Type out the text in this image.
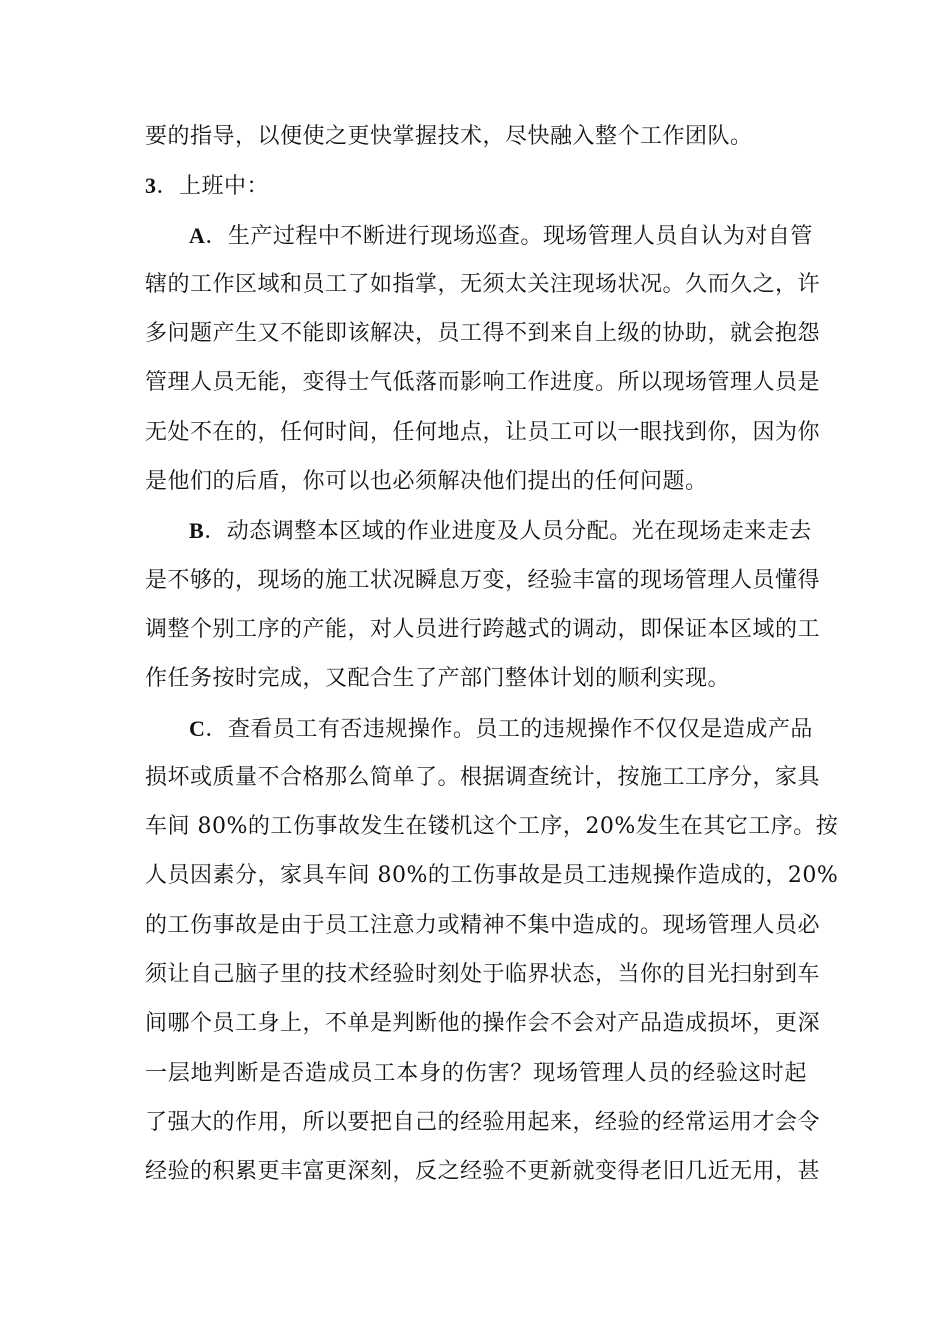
要的指导，以便使之更快掌握技术，尽快融入整个工作团队。
3．上班中：
A．生产过程中不断进行现场巡查。现场管理人员自认为对自管
辖的工作区域和员工了如指掌，无须太关注现场状况。久而久之，许
多问题产生又不能即该解决，员工得不到来自上级的协助，就会抱怨
管理人员无能，变得士气低落而影响工作进度。所以现场管理人员是
无处不在的，任何时间，任何地点，让员工可以一眼找到你，因为你
是他们的后盾，你可以也必须解决他们提出的任何问题。
B．动态调整本区域的作业进度及人员分配。光在现场走来走去
是不够的，现场的施工状况瞬息万变，经验丰富的现场管理人员懂得
调整个别工序的产能，对人员进行跨越式的调动，即保证本区域的工
作任务按时完成，又配合生了产部门整体计划的顺利实现。
C．查看员工有否违规操作。员工的违规操作不仅仅是造成产品
损坏或质量不合格那么简单了。根据调查统计，按施工工序分，家具
车间 80%的工伤事故发生在镂机这个工序，20%发生在其它工序。按
人员因素分，家具车间 80%的工伤事故是员工违规操作造成的，20%
的工伤事故是由于员工注意力或精神不集中造成的。现场管理人员必
须让自己脑子里的技术经验时刻处于临界状态，当你的目光扫射到车
间哪个员工身上，不单是判断他的操作会不会对产品造成损坏，更深
一层地判断是否造成员工本身的伤害？现场管理人员的经验这时起
了强大的作用，所以要把自己的经验用起来，经验的经常运用才会令
经验的积累更丰富更深刻，反之经验不更新就变得老旧几近无用，甚
